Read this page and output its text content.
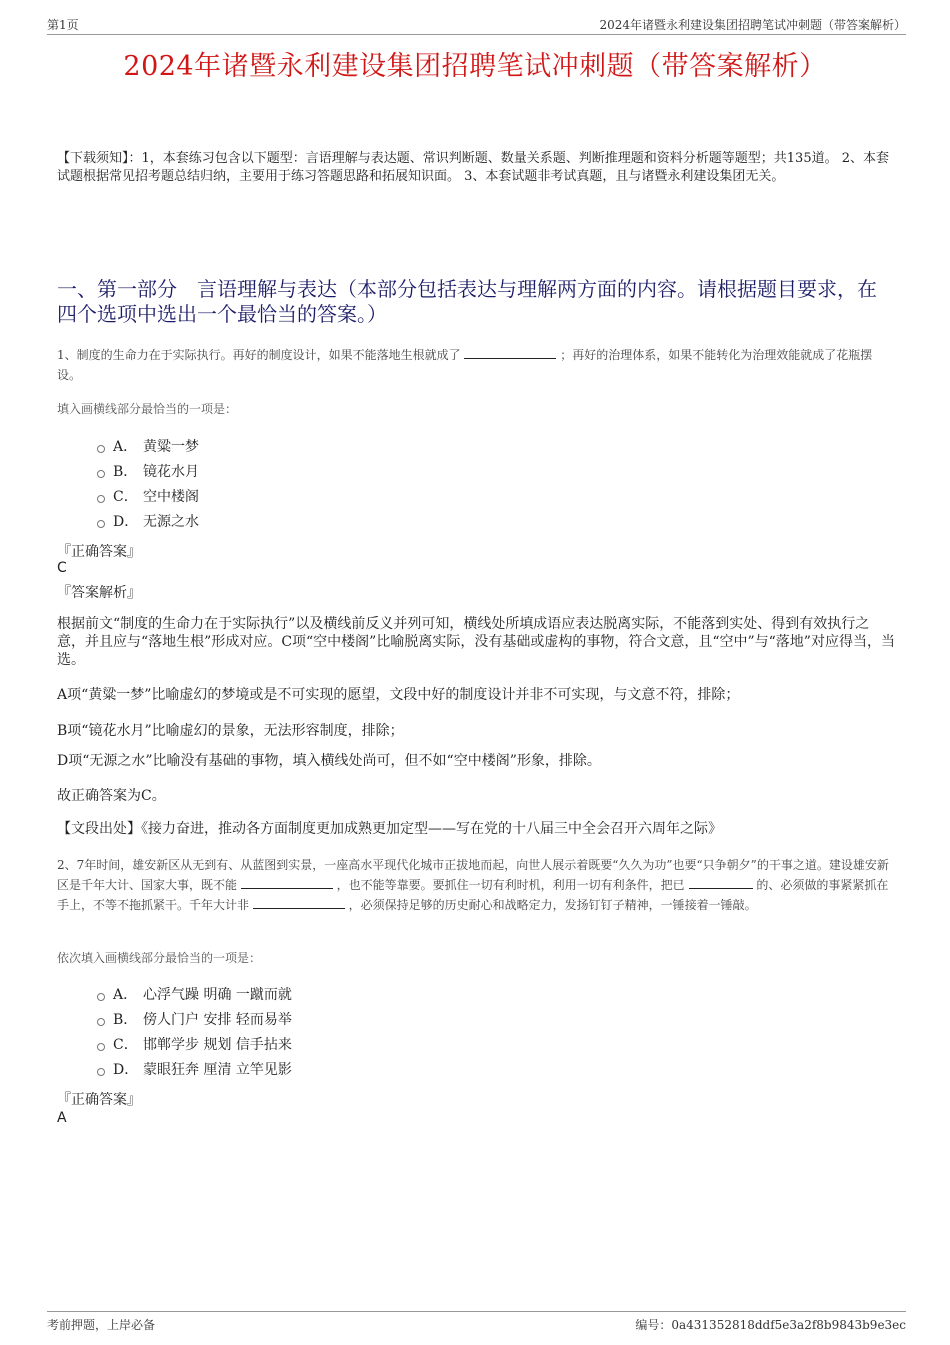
第1页	2024年诸暨永利建设集团招聘笔试冲刺题（带答案解析）
2024年诸暨永利建设集团招聘笔试冲刺题（带答案解析）
【下载须知】：1，本套练习包含以下题型：言语理解与表达题、常识判断题、数量关系题、判断推理题和资料分析题等题型；共135道。 2、本套试题根据常见招考题总结归纳，主要用于练习答题思路和拓展知识面。 3、本套试题非考试真题，且与诸暨永利建设集团无关。
一、第一部分　言语理解与表达（本部分包括表达与理解两方面的内容。请根据题目要求，在四个选项中选出一个最恰当的答案。）
1、制度的生命力在于实际执行。再好的制度设计，如果不能落地生根就成了	；再好的治理体系，如果不能转化为治理效能就成了花瓶摆设。
填入画横线部分最恰当的一项是：
A． 黄粱一梦
B． 镜花水月
C． 空中楼阁
D． 无源之水
『正确答案』
C
『答案解析』
根据前文“制度的生命力在于实际执行”以及横线前反义并列可知，横线处所填成语应表达脱离实际，不能落到实处、得到有效执行之意，并且应与“落地生根”形成对应。C项“空中楼阁”比喻脱离实际，没有基础或虚构的事物，符合文意，且“空中”与“落地”对应得当，当选。
A项“黄粱一梦”比喻虚幻的梦境或是不可实现的愿望，文段中好的制度设计并非不可实现，与文意不符，排除；
B项“镜花水月”比喻虚幻的景象，无法形容制度，排除；
D项“无源之水”比喻没有基础的事物，填入横线处尚可，但不如“空中楼阁”形象，排除。
故正确答案为C。
【文段出处】《接力奋进，推动各方面制度更加成熟更加定型——写在党的十八届三中全会召开六周年之际》
2、7年时间，雄安新区从无到有、从蓝图到实景，一座高水平现代化城市正拔地而起，向世人展示着既要“久久为功”也要“只争朝夕”的干事之道。建设雄安新区是千年大计、国家大事，既不能	，也不能等靠要。要抓住一切有利时机，利用一切有利条件，把已	的、必须做的事紧紧抓在手上，不等不拖抓紧干。千年大计非	，必须保持足够的历史耐心和战略定力，发扬钉钉子精神，一锤接着一锤敲。
依次填入画横线部分最恰当的一项是：
A． 心浮气躁 明确 一蹴而就
B． 傍人门户 安排 轻而易举
C． 邯郸学步 规划 信手拈来
D． 蒙眼狂奔 厘清 立竿见影
『正确答案』
A
考前押题，上岸必备	编号：0a431352818ddf5e3a2f8b9843b9e3ec
